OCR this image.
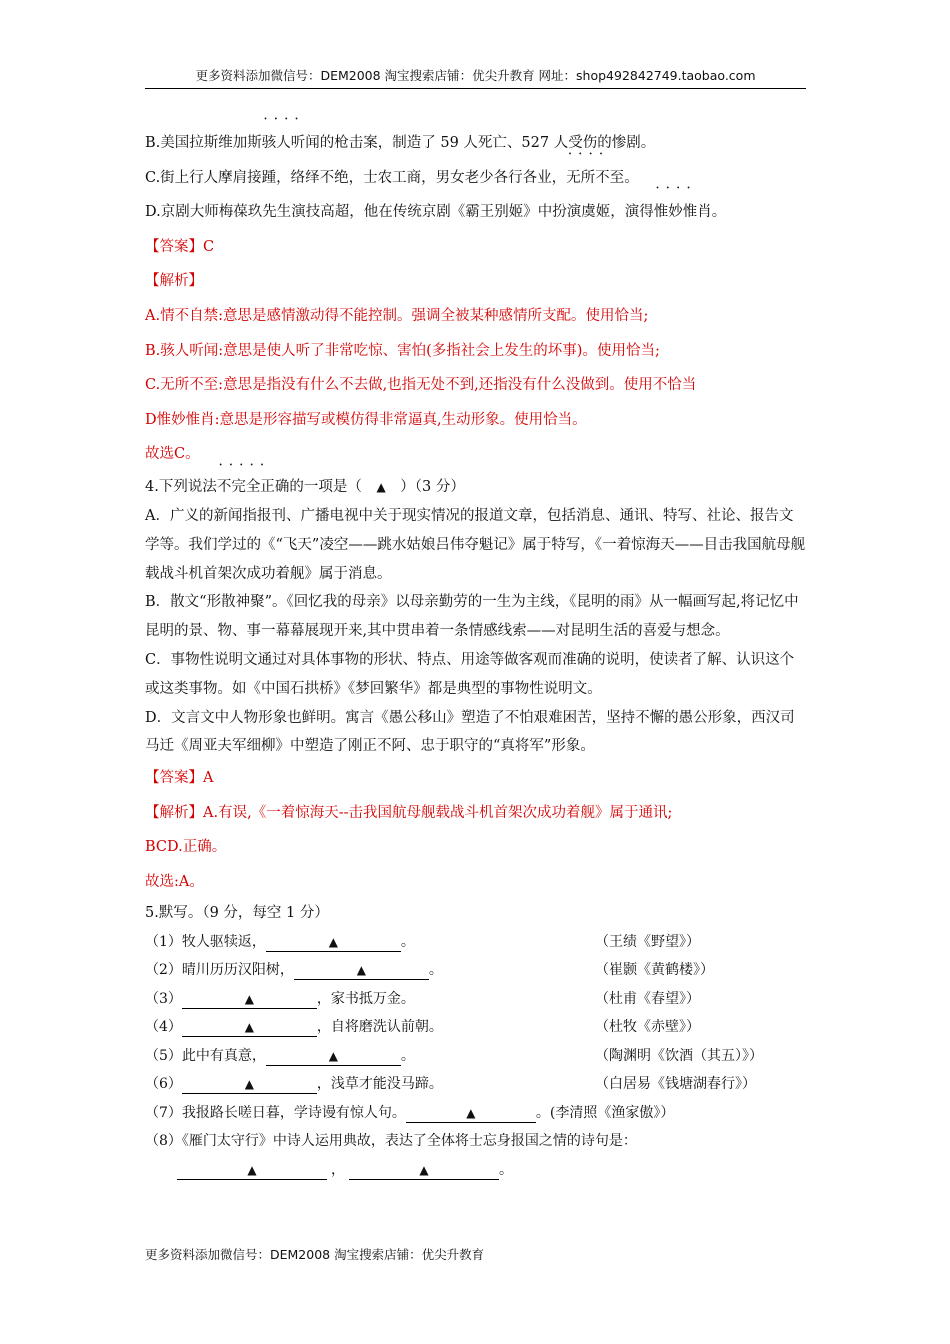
更多资料添加微信号：DEM2008 淘宝搜索店铺：优尖升教育 网址：shop492842749.taobao.com
B.美国拉斯维加斯•••• 骇人听闻的枪击案，制造了 59 人死亡、527 人受伤的惨剧。
C.街上行人摩肩接踵，络绎不绝，士农工商，男女老少各行各业，•••• 无所不至。
D.京剧大师梅葆玖先生演技高超，他在传统京剧《霸王别姬》中扮演虞姬，演得•••• 惟妙惟肖。
【答案】C
【解析】
A.情不自禁:意思是感情激动得不能控制。强调全被某种感情所支配。使用恰当;
B.骇人听闻:意思是使人听了非常吃惊、害怕(多指社会上发生的坏事)。使用恰当;
C.无所不至:意思是指没有什么不去做,也指无处不到,还指没有什么没做到。使用不恰当
D惟妙惟肖:意思是形容描写或模仿得非常逼真,生动形象。使用恰当。
故选C。
4.下列说法••••• 不完全正确的一项是（ ▲ ）（3 分）
A．广义的新闻指报刊、广播电视中关于现实情况的报道文章，包括消息、通讯、特写、社论、报告文学等。我们学过的《“飞天”凌空——跳水姑娘吕伟夺魁记》属于特写，《一着惊海天——目击我国航母舰载战斗机首架次成功着舰》属于消息。
B．散文“形散神聚”。《回忆我的母亲》以母亲勤劳的一生为主线，《昆明的雨》从一幅画写起,将记忆中昆明的景、物、事一幕幕展现开来,其中贯串着一条情感线索——对昆明生活的喜爱与想念。
C．事物性说明文通过对具体事物的形状、特点、用途等做客观而准确的说明，使读者了解、认识这个或这类事物。如《中国石拱桥》《梦回繁华》都是典型的事物性说明文。
D．文言文中人物形象也鲜明。寓言《愚公移山》塑造了不怕艰难困苦，坚持不懈的愚公形象，西汉司马迁《周亚夫军细柳》中塑造了刚正不阿、忠于职守的“真将军”形象。
【答案】A
【解析】A.有误,《一着惊海天--击我国航母舰载战斗机首架次成功着舰》属于通讯;
BCD.正确。
故选:A。
5.默写。（9 分，每空 1 分）
（1）牧人驱犊返，	▲	。	（王绩《野望》）
（2）晴川历历汉阳树，	▲	。	（崔颢《黄鹤楼》）
（3）	▲	，家书抵万金。	（杜甫《春望》）
（4）	▲	，自将磨洗认前朝。	（杜牧《赤壁》）
（5）此中有真意，	▲	。	（陶渊明《饮酒（其五）》）
（6）	▲	，浅草才能没马蹄。	（白居易《钱塘湖春行》）
（7）我报路长嗟日暮，学诗谩有惊人句。	▲	。(李清照《渔家傲》）
（8）《雁门太守行》中诗人运用典故，表达了全体将士忘身报国之情的诗句是：
▲	，	▲	。
更多资料添加微信号：DEM2008 淘宝搜索店铺：优尖升教育
